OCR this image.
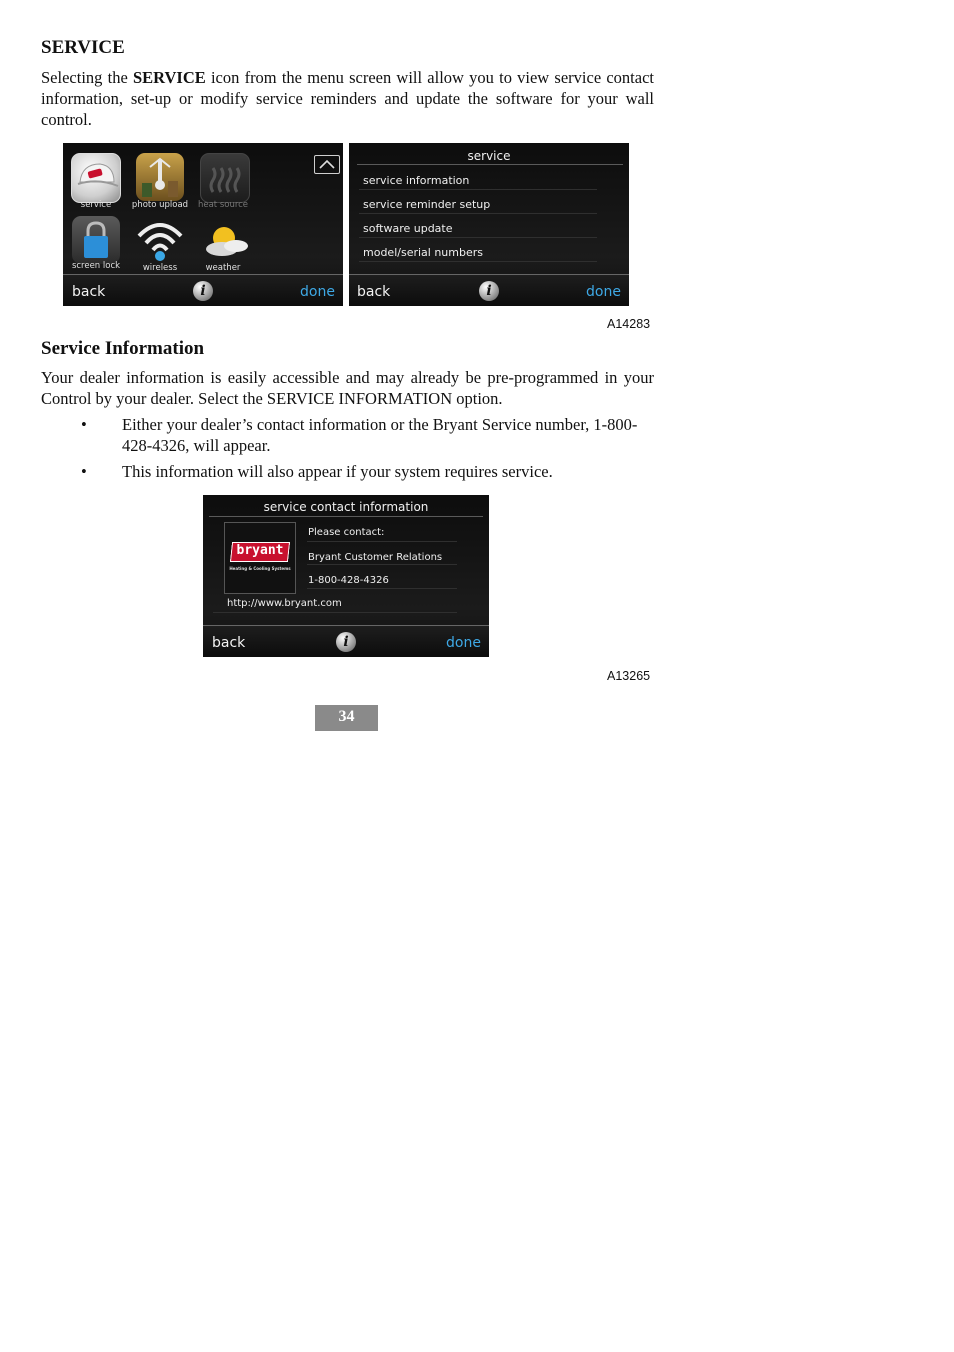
SERVICE

Selecting the SERVICE icon from the menu screen will allow you to view service contact information, set-up or modify service reminders and update the software for your wall control.

service	photo upload	heat source
screen lock	wireless	weather
back	i	done
service
service information
service reminder setup
software update
model/serial numbers
back	i	done
A14283
Service Information

Your dealer information is easily accessible and may already be pre-programmed in your Control by your dealer. Select the SERVICE INFORMATION option.

• Either your dealer’s contact information or the Bryant Service number, 1-800-428-4326, will appear.
• This information will also appear if your system requires service.
service contact information
bryant
Heating & Cooling Systems
Please contact:
Bryant Customer Relations
1-800-428-4326
http://www.bryant.com
back	i	done
A13265
34
